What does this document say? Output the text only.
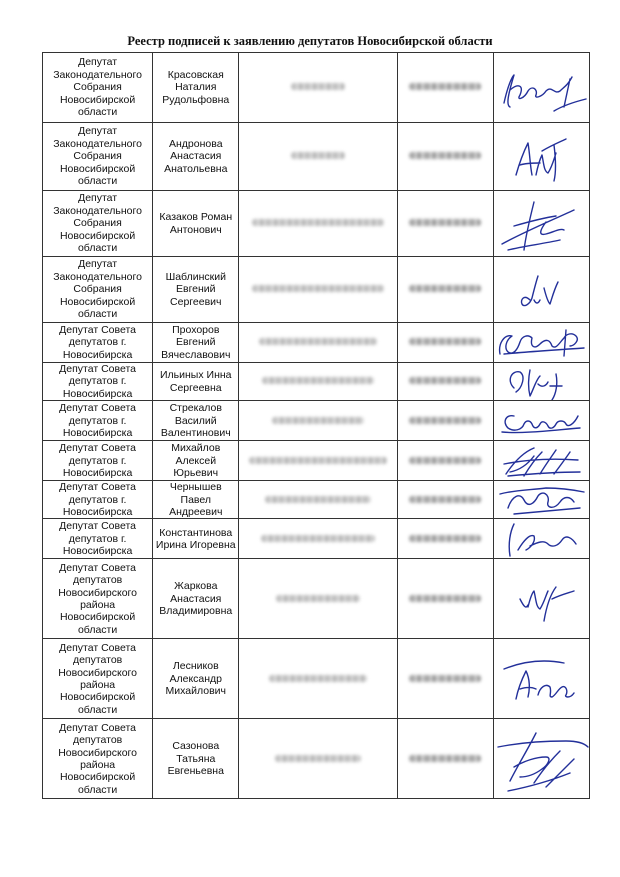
Реестр подписей к заявлению депутатов Новосибирской области
Депутат Законодательного Собрания Новосибирской области	Красовская Наталия Рудольфовна			

Депутат Законодательного Собрания Новосибирской области	Андронова Анастасия Анатольевна			

Депутат Законодательного Собрания Новосибирской области	Казаков Роман Антонович			

Депутат Законодательного Собрания Новосибирской области	Шаблинский Евгений Сергеевич			

Депутат Совета депутатов г. Новосибирска	Прохоров Евгений Вячеславович			

Депутат Совета депутатов г. Новосибирска	Ильиных Инна Сергеевна			

Депутат Совета депутатов г. Новосибирска	Стрекалов Василий Валентинович			

Депутат Совета депутатов г. Новосибирска	Михайлов Алексей Юрьевич			

Депутат Совета депутатов г. Новосибирска	Чернышев Павел Андреевич			

Депутат Совета депутатов г. Новосибирска	Константинова Ирина Игоревна			

Депутат Совета депутатов Новосибирского района Новосибирской области	Жаркова Анастасия Владимировна			

Депутат Совета депутатов Новосибирского района Новосибирской области	Лесников Александр Михайлович			

Депутат Совета депутатов Новосибирского района Новосибирской области	Сазонова Татьяна Евгеньевна			
